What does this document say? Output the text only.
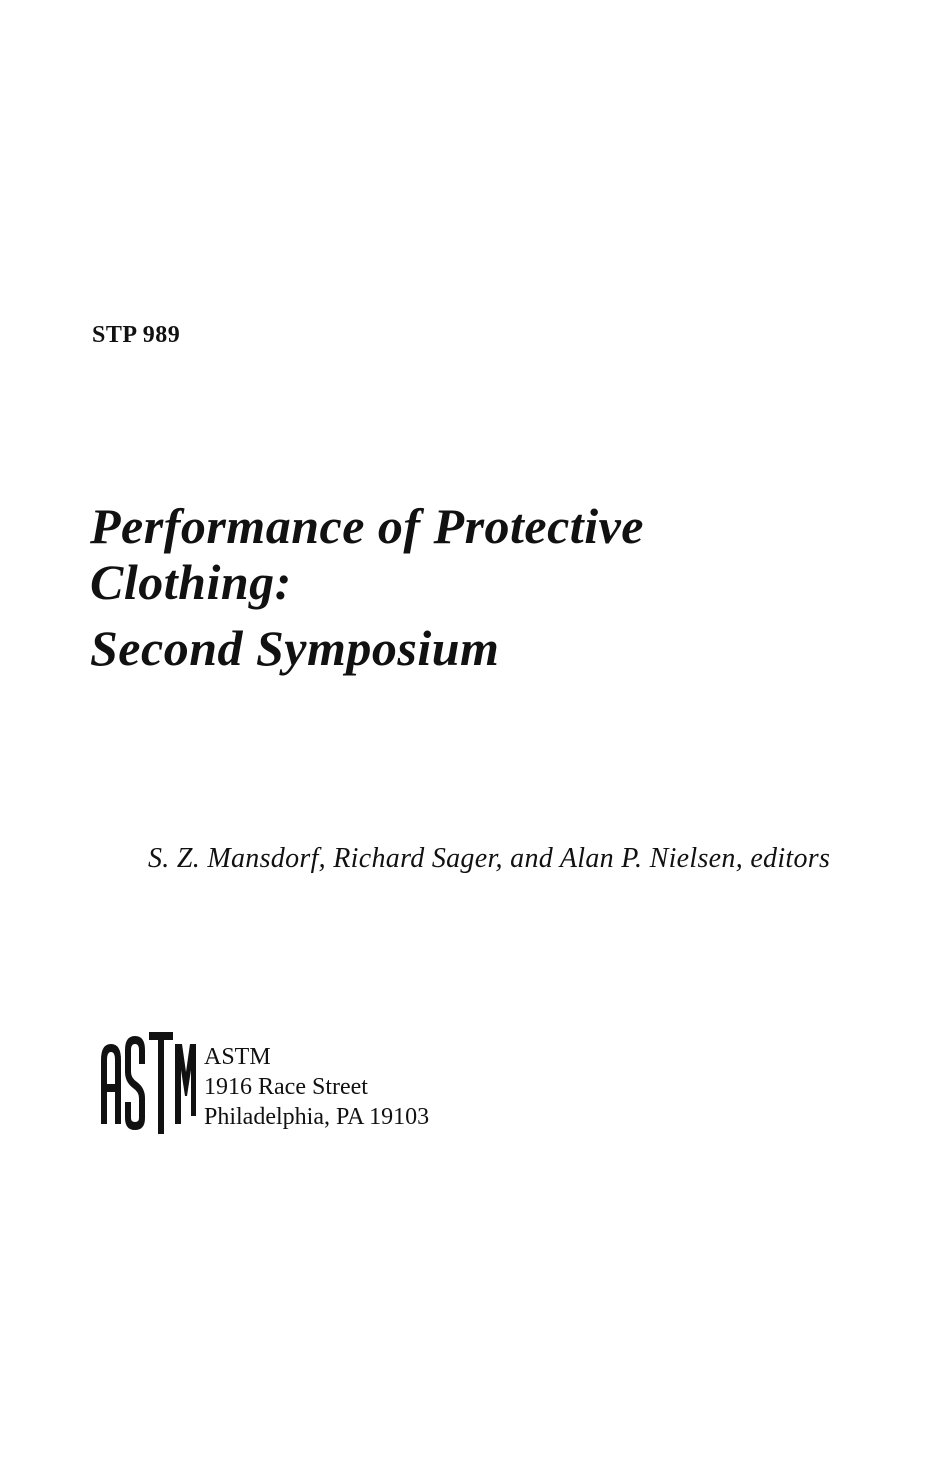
STP 989
Performance of Protective
Clothing:
Second Symposium

S. Z. Mansdorf, Richard Sager, and Alan P. Nielsen, editors

ASTM
1916 Race Street
Philadelphia, PA 19103
